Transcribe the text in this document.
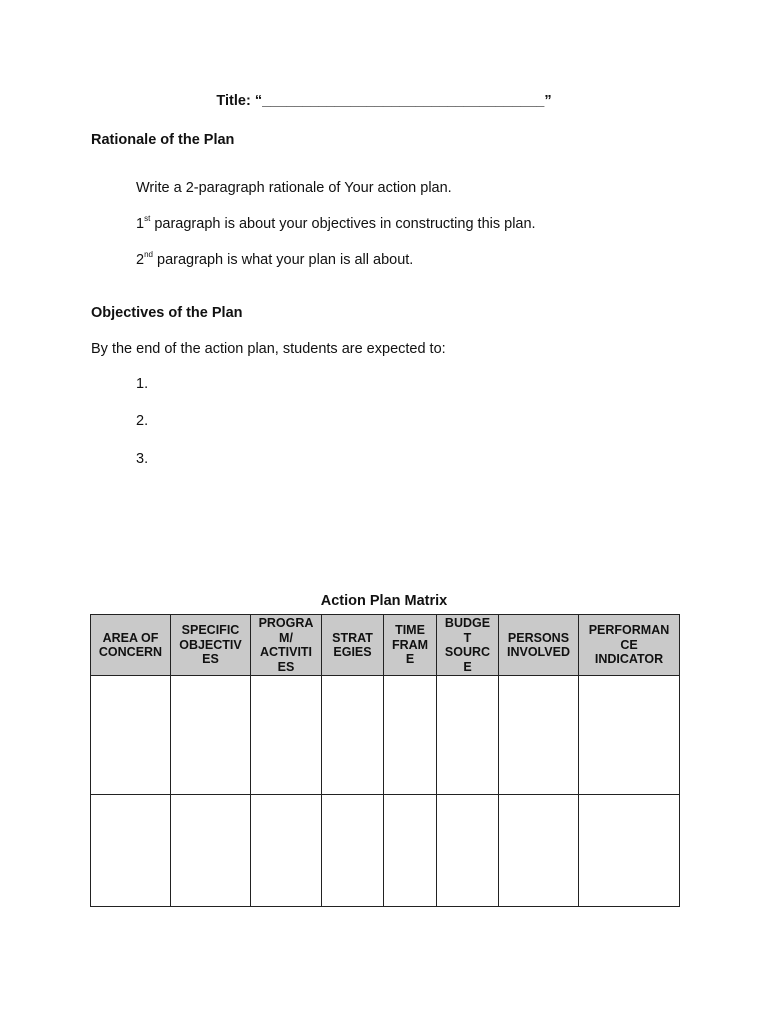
Title: “___________________________________”
Rationale of the Plan
Write a 2-paragraph rationale of Your action plan.
1st paragraph is about your objectives in constructing this plan.
2nd paragraph is what your plan is all about.
Objectives of the Plan
By the end of the action plan, students are expected to:
1.
2.
3.
Action Plan Matrix
AREA OF
CONCERN	SPECIFIC
OBJECTIV
ES	PROGRA
M/
ACTIVITI
ES	STRAT
EGIES	TIME
FRAM
E	BUDGE
T
SOURC
E	PERSONS
INVOLVED	PERFORMAN
CE
INDICATOR
